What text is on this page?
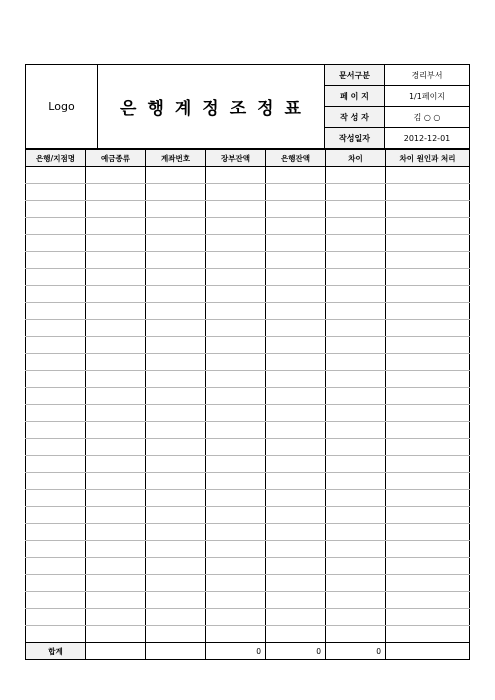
Logo	은행계정조정표	문서구분	경리부서
		페 이 지	1/1페이지
		작 성 자	김 ○ ○
		작성일자	2012-12-01
은행/지점명	예금종류	계좌번호	장부잔액	은행잔액	차이	차이 원인과 처리

합계			0	0	0	
